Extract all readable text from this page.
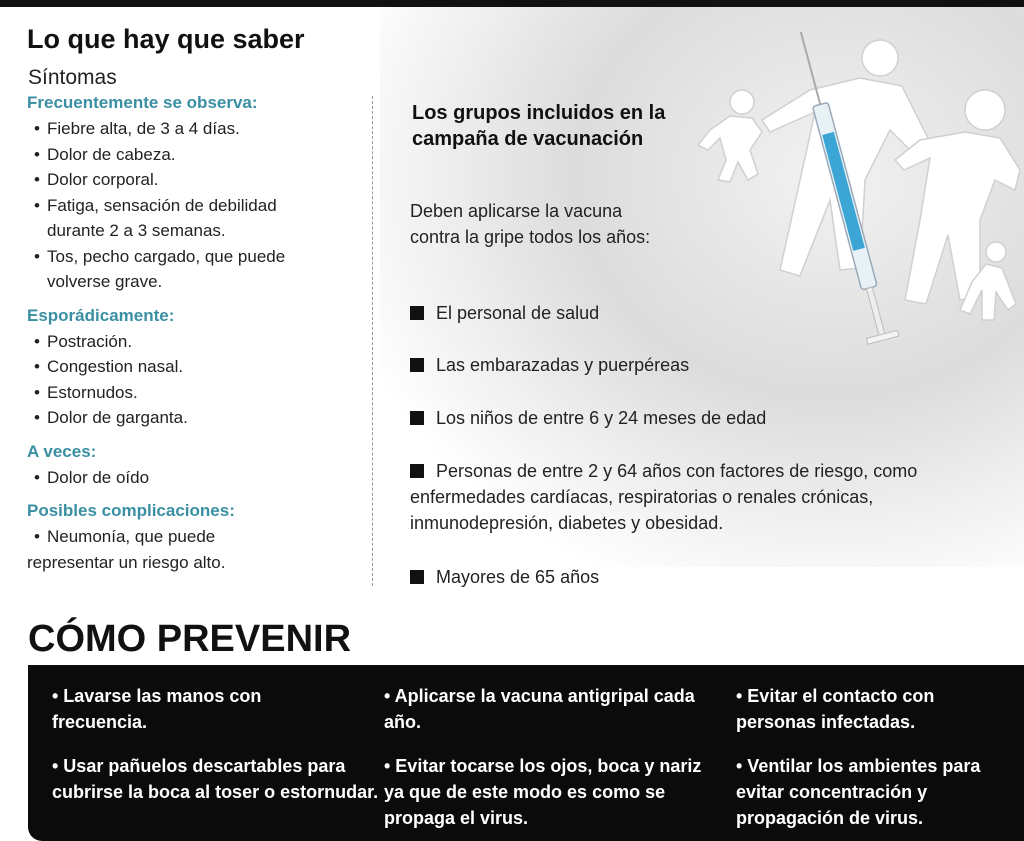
Lo que hay que saber
Síntomas

Frecuentemente se observa:

• Fiebre alta, de 3 a 4 días.
• Dolor de cabeza.
• Dolor corporal.
• Fatiga, sensación de debilidad
durante 2 a 3 semanas.
• Tos, pecho cargado, que puede
volverse grave.

Esporádicamente:

• Postración.
• Congestion nasal.
• Estornudos.
• Dolor de garganta.

A veces:

• Dolor de oído

Posibles complicaciones:

• Neumonía, que puede
representar un riesgo alto.
Los grupos incluidos en la campaña de vacunación
Deben aplicarse la vacuna contra la gripe todos los años:
El personal de salud
Las embarazadas y puerpéreas
Los niños de entre 6 y 24 meses de edad
Personas de entre 2 y 64 años con factores de riesgo, como enfermedades cardíacas, respiratorias o renales crónicas, inmunodepresión, diabetes y obesidad.
Mayores de 65 años
CÓMO PREVENIR
• Lavarse las manos con frecuencia.
• Aplicarse la vacuna antigripal cada año.
• Evitar el contacto con personas infectadas.
• Usar pañuelos descartables para cubrirse la boca al toser o estornudar.
• Evitar tocarse los ojos, boca y nariz ya que de este modo es como se propaga el virus.
• Ventilar los ambientes para evitar concentración y propagación de virus.
